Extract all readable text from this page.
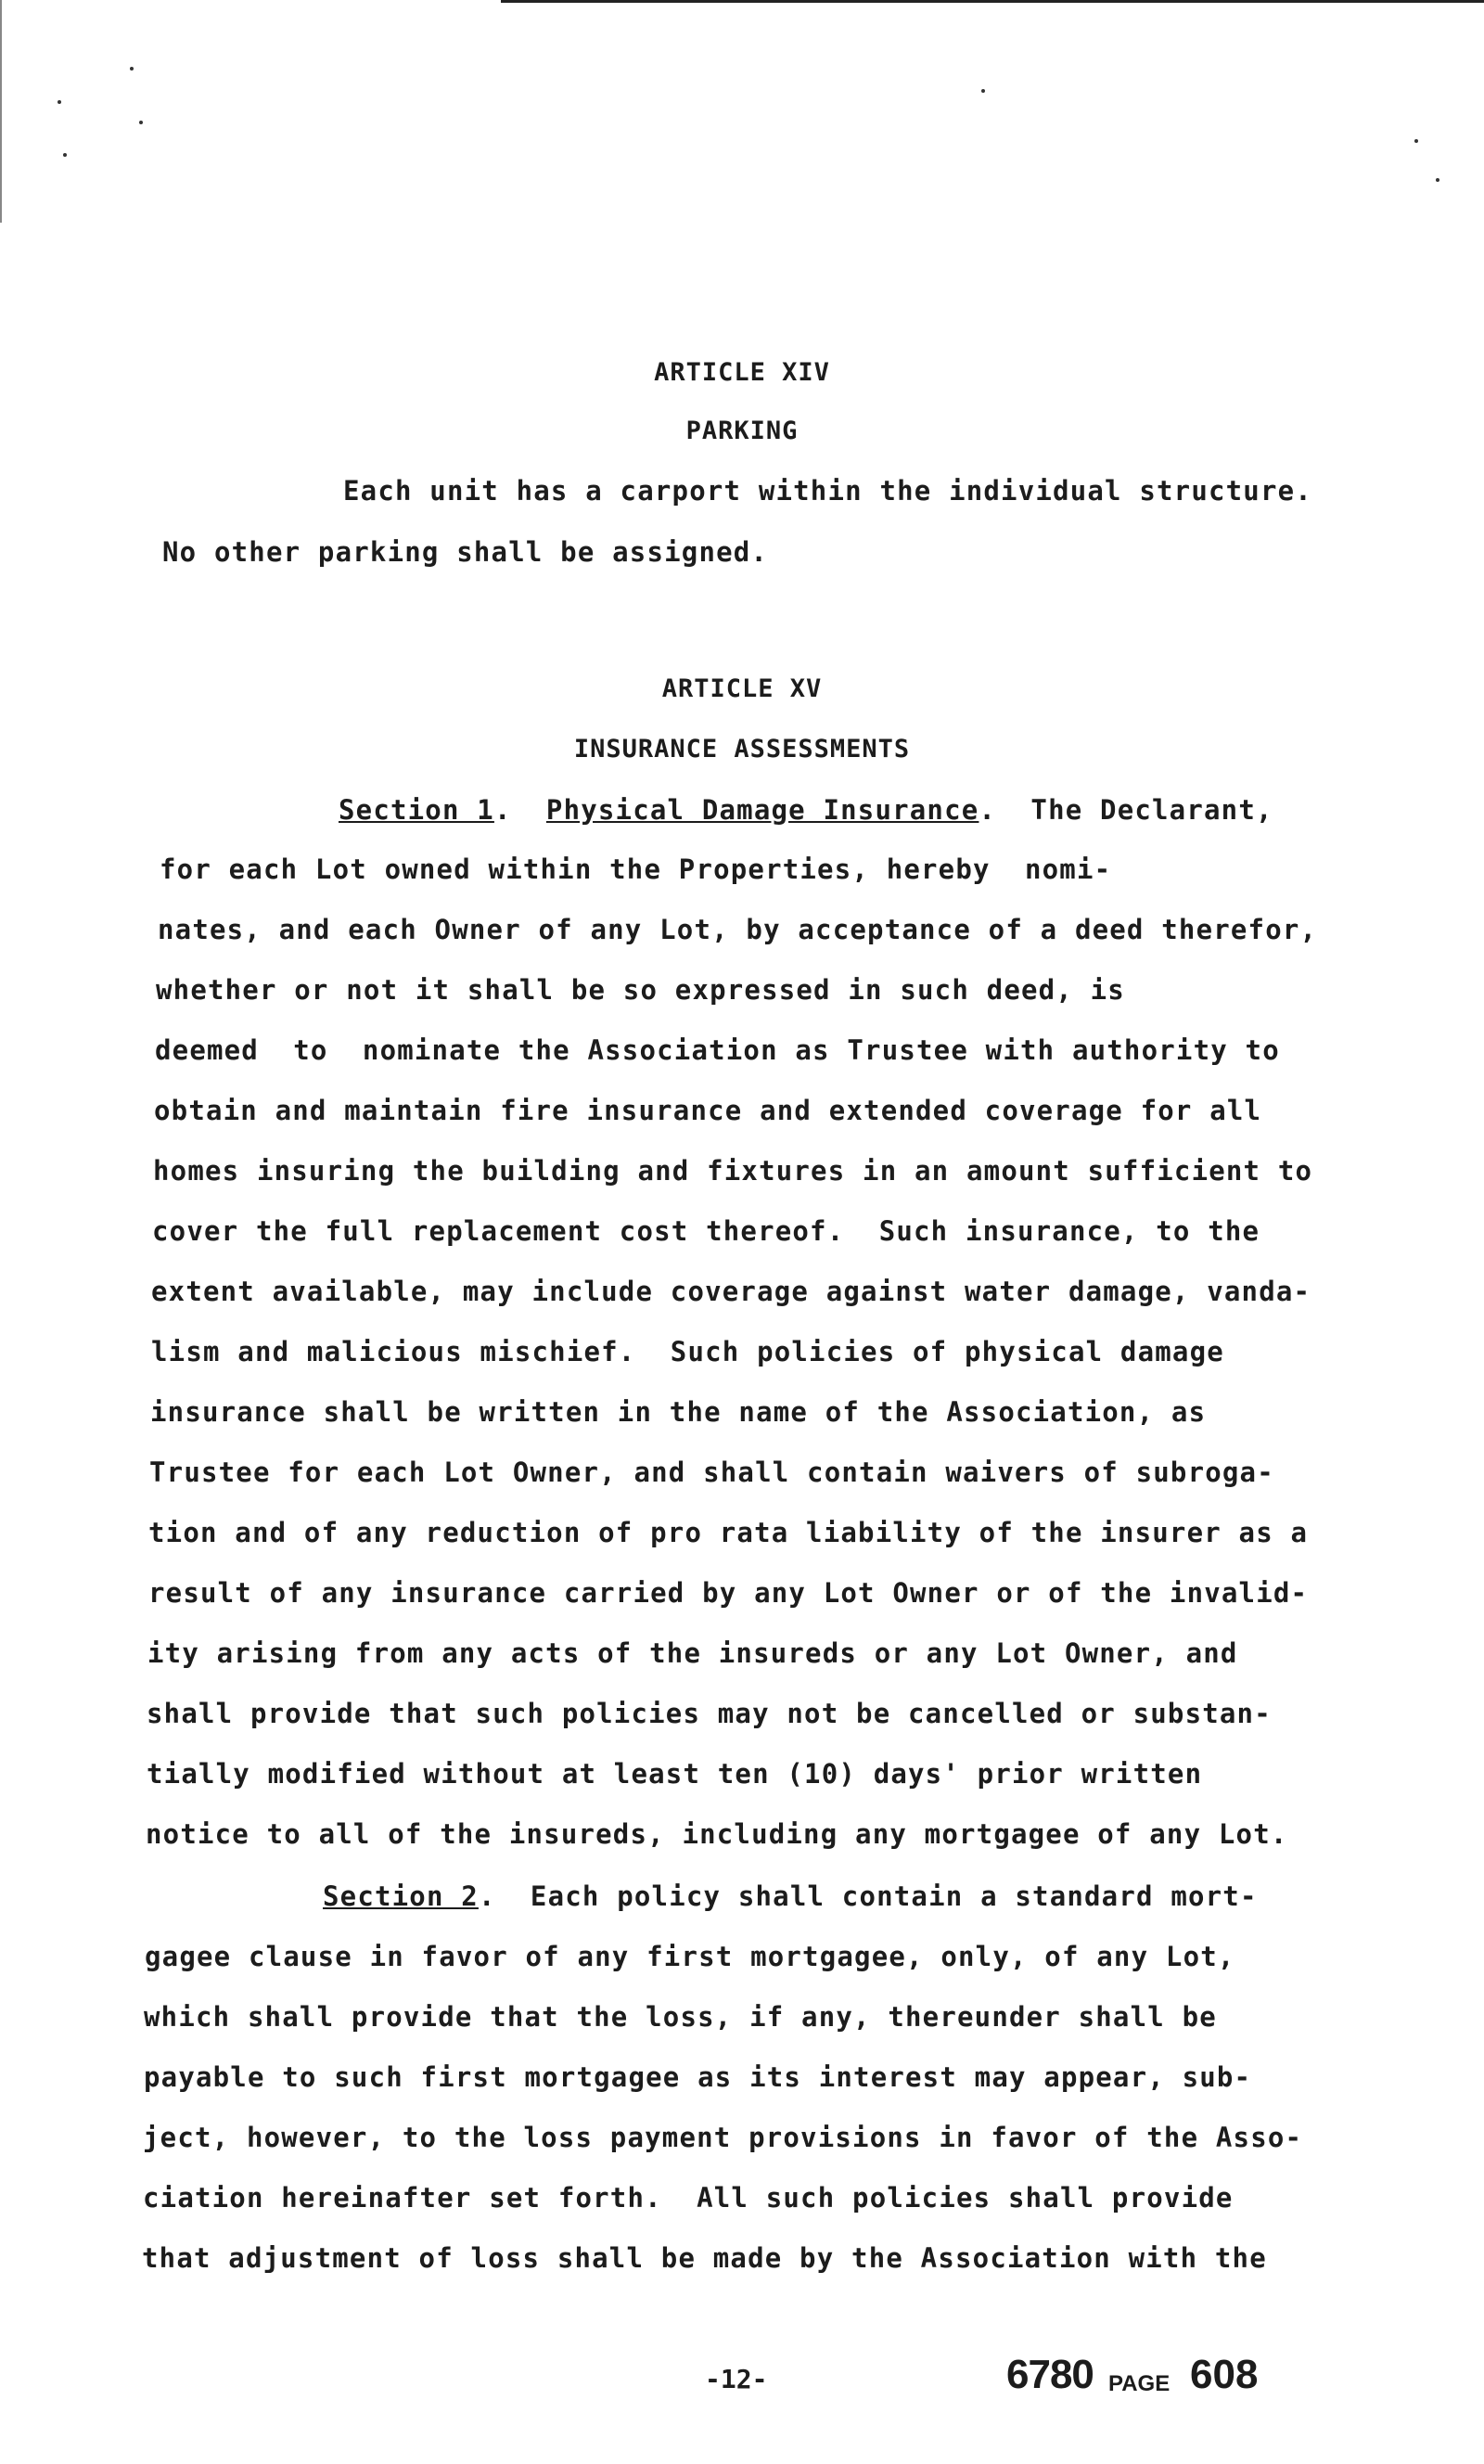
ARTICLE XIV
PARKING
Each unit has a carport within the individual structure.
No other parking shall be assigned.
ARTICLE XV
INSURANCE ASSESSMENTS
Section 1.  Physical Damage Insurance.  The Declarant,
for each Lot owned within the Properties, hereby  nomi-
nates, and each Owner of any Lot, by acceptance of a deed therefor,
whether or not it shall be so expressed in such deed, is
deemed  to  nominate the Association as Trustee with authority to
obtain and maintain fire insurance and extended coverage for all
homes insuring the building and fixtures in an amount sufficient to
cover the full replacement cost thereof.  Such insurance, to the
extent available, may include coverage against water damage, vanda-
lism and malicious mischief.  Such policies of physical damage
insurance shall be written in the name of the Association, as
Trustee for each Lot Owner, and shall contain waivers of subroga-
tion and of any reduction of pro rata liability of the insurer as a
result of any insurance carried by any Lot Owner or of the invalid-
ity arising from any acts of the insureds or any Lot Owner, and
shall provide that such policies may not be cancelled or substan-
tially modified without at least ten (10) days' prior written
notice to all of the insureds, including any mortgagee of any Lot.
Section 2.  Each policy shall contain a standard mort-
gagee clause in favor of any first mortgagee, only, of any Lot,
which shall provide that the loss, if any, thereunder shall be
payable to such first mortgagee as its interest may appear, sub-
ject, however, to the loss payment provisions in favor of the Asso-
ciation hereinafter set forth.  All such policies shall provide
that adjustment of loss shall be made by the Association with the
-12-	6780 PAGE 608
